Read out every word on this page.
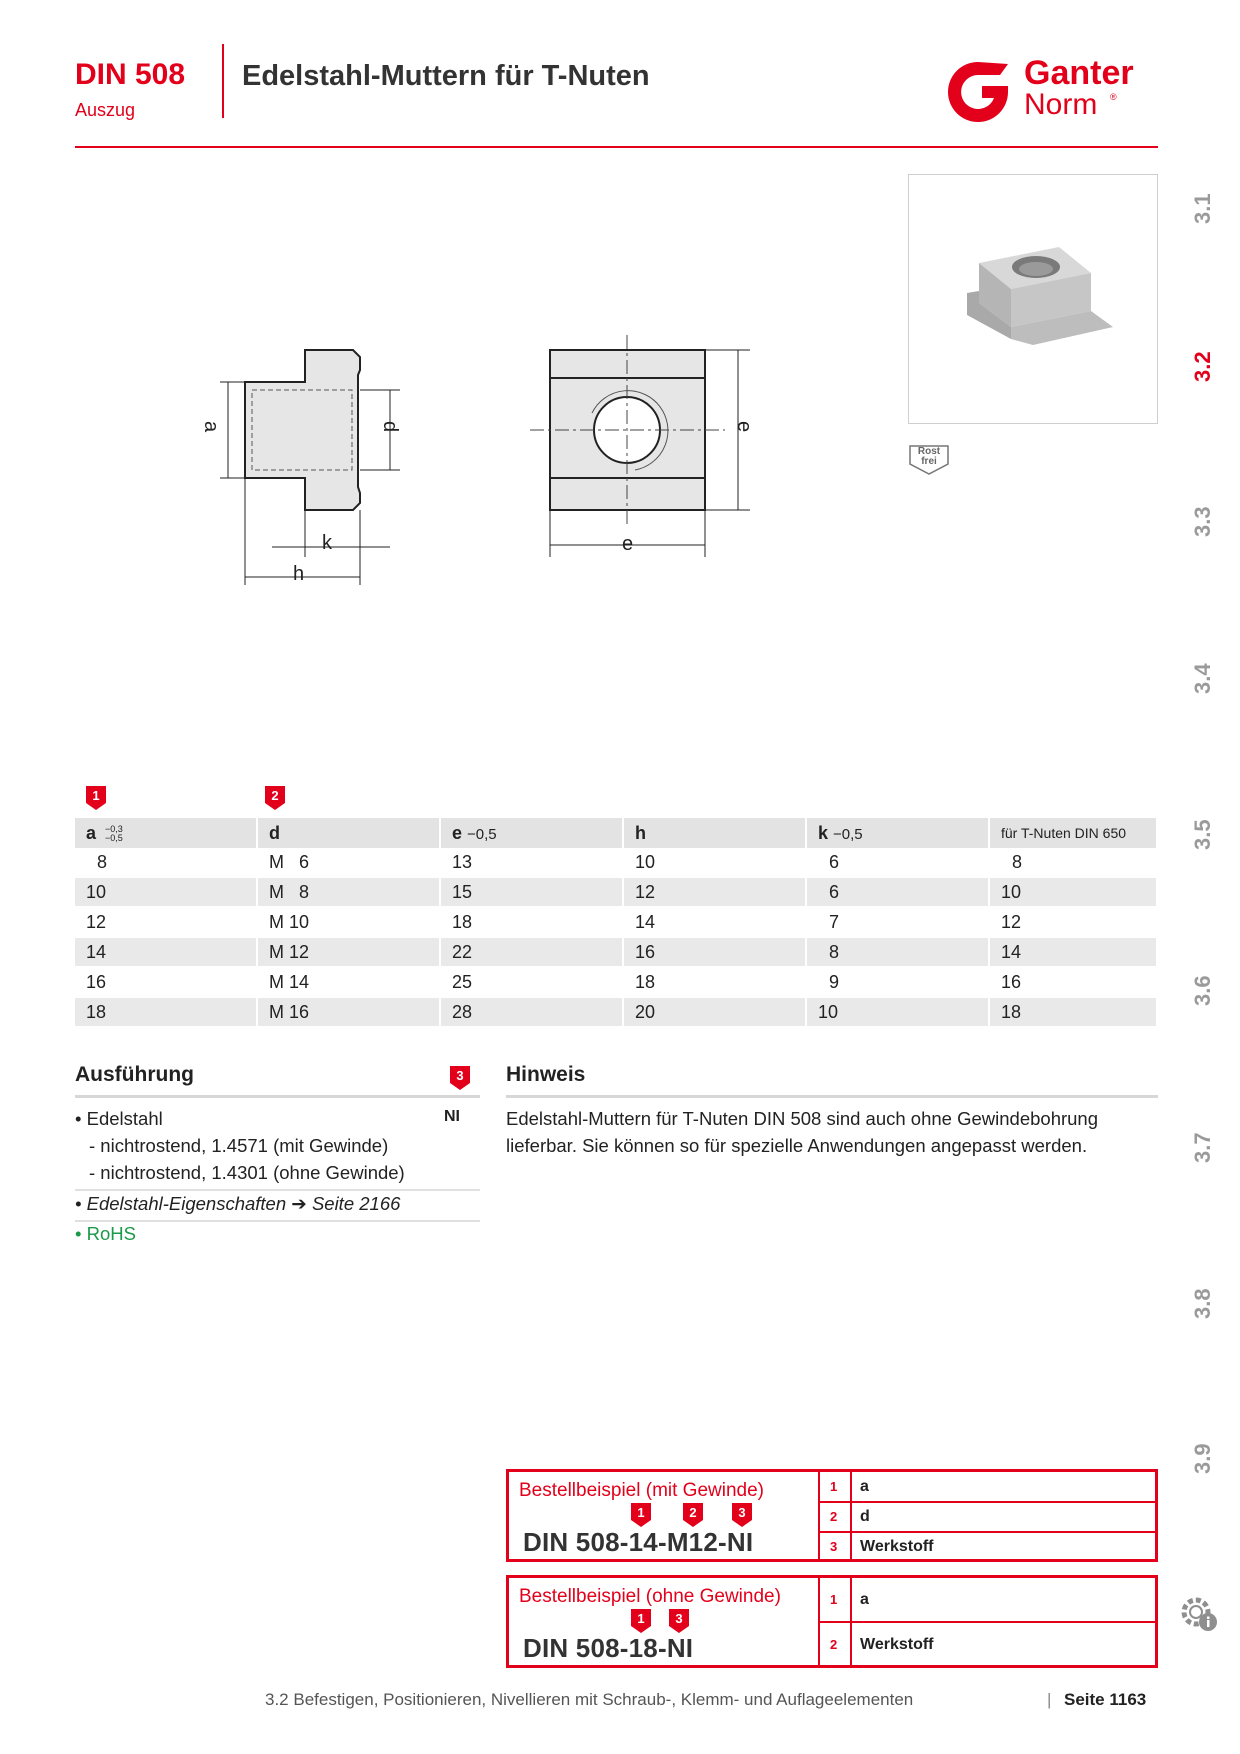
DIN 508
Auszug
Edelstahl-Muttern für T-Nuten	Ganter
Norm ®
3.1
3.2
3.3
3.4
3.5
3.6
3.7
3.8
3.9
a	d
k
h
e
e
Rost
frei
1	2
a −0,3
−0,5	d	e −0,5	h	k −0,5	für T-Nuten DIN 650
8	M   6	13	10	6	8
10	M   8	15	12	6	10
12	M 10	18	14	7	12
14	M 12	22	16	8	14
16	M 14	25	18	9	16
18	M 16	28	20	10	18
Ausführung	3
• Edelstahl	NI
- nichtrostend, 1.4571 (mit Gewinde)
- nichtrostend, 1.4301 (ohne Gewinde)
• Edelstahl-Eigenschaften ➔ Seite 2166
• RoHS
Hinweis
Edelstahl-Muttern für T-Nuten DIN 508 sind auch ohne Gewindebohrung
lieferbar. Sie können so für spezielle Anwendungen angepasst werden.
Bestellbeispiel (mit Gewinde)
1	2	3
DIN 508-14-M12-NI
1 a
2 d
3 Werkstoff
Bestellbeispiel (ohne Gewinde)
1	3
DIN 508-18-NI
1 a
2 Werkstoff
3.2 Befestigen, Positionieren, Nivellieren mit Schraub-, Klemm- und Auflageelementen	| Seite 1163
